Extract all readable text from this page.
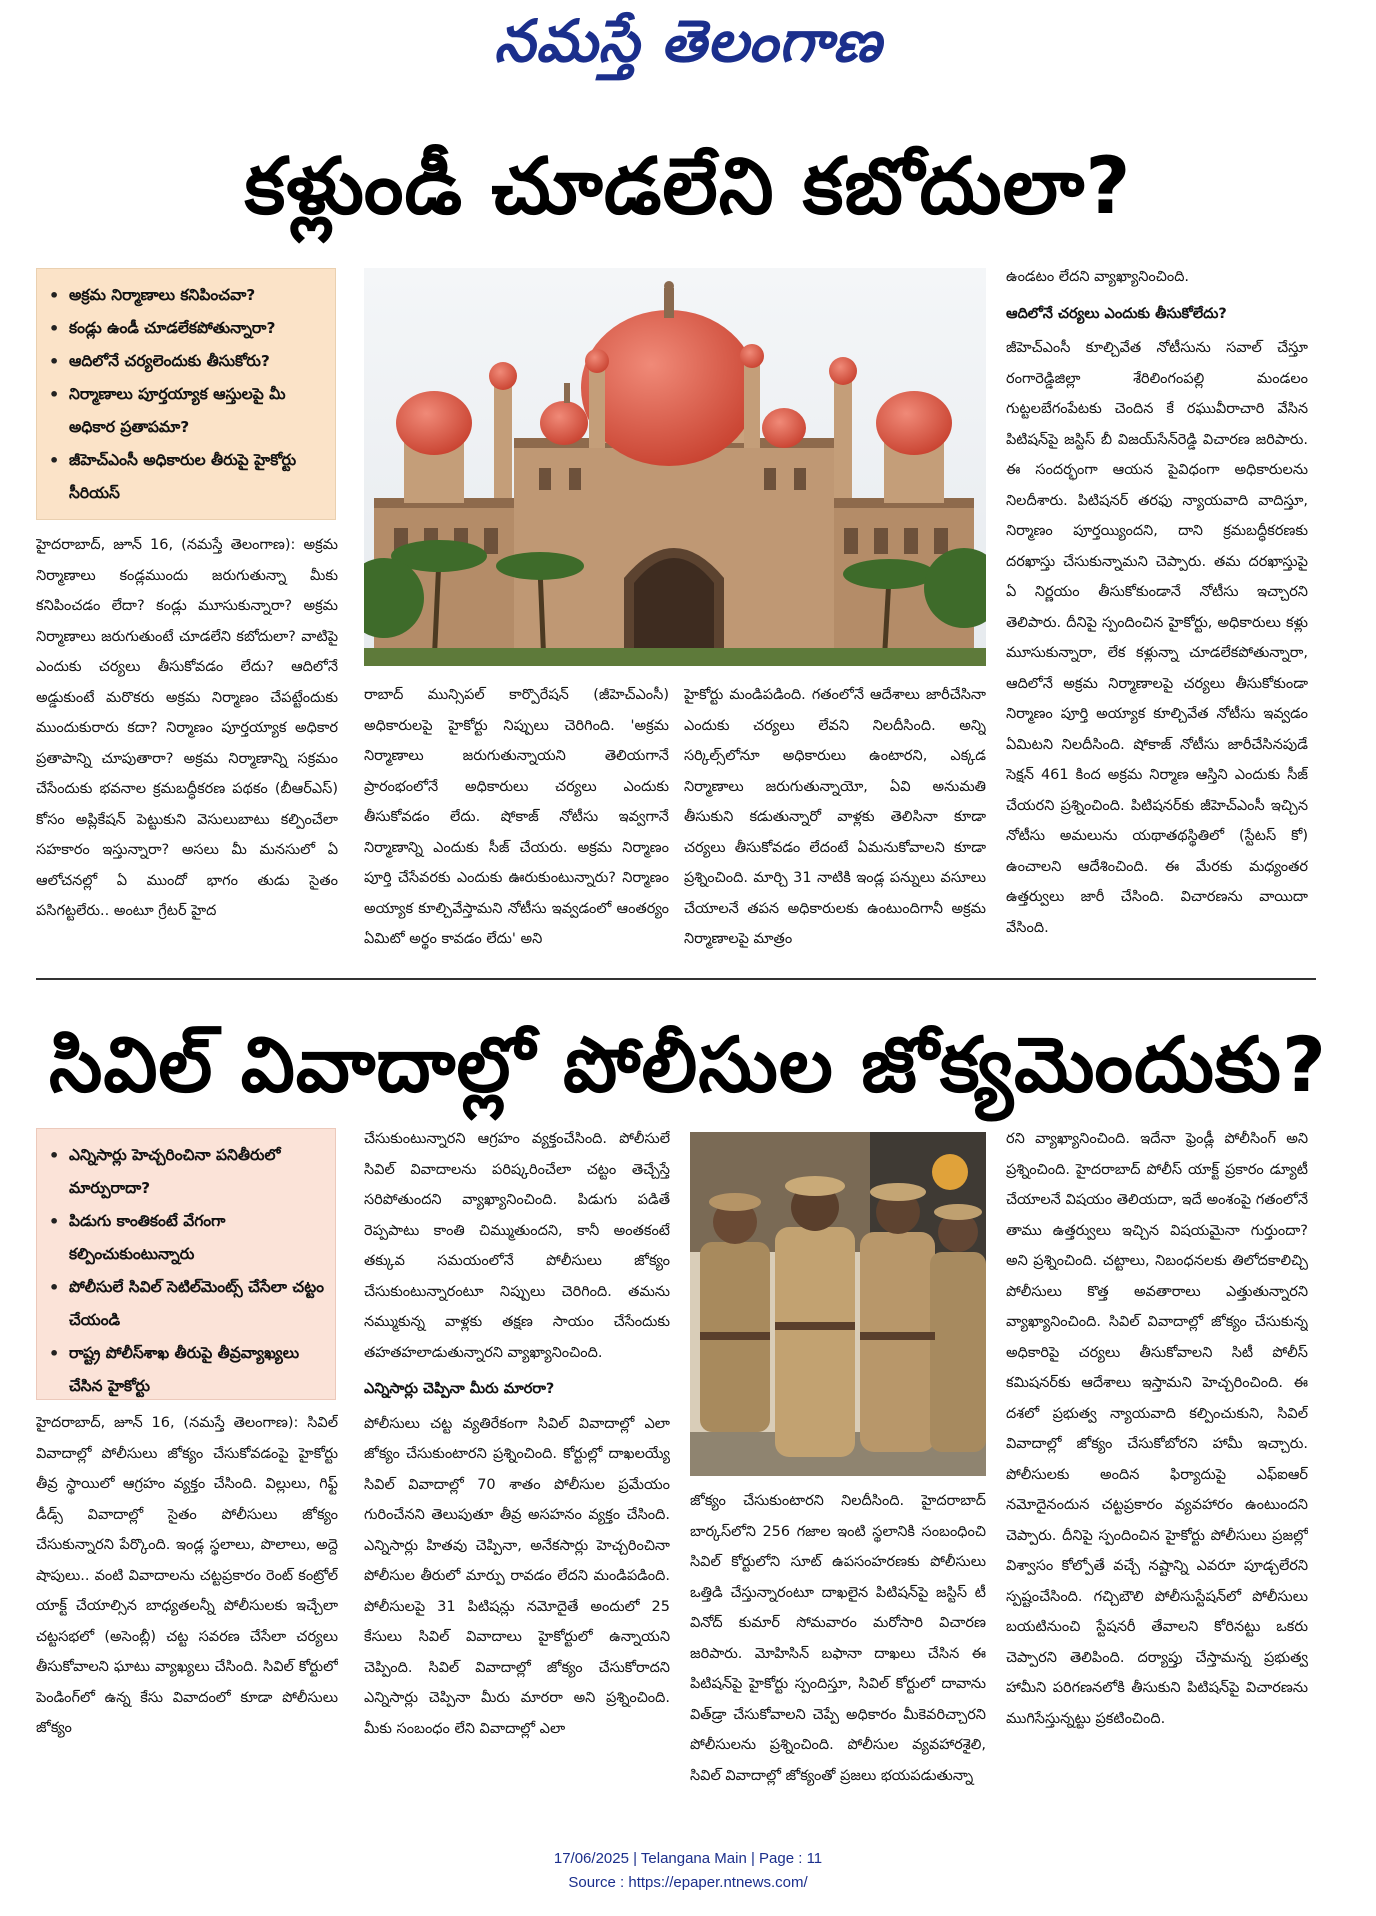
నమస్తే తెలంగాణ
కళ్లుండీ చూడలేని కబోదులా?
• అక్రమ నిర్మాణాలు కనిపించవా?
• కండ్లు ఉండీ చూడలేకపోతున్నారా?
• ఆదిలోనే చర్యలెందుకు తీసుకోరు?
• నిర్మాణాలు పూర్తయ్యాక ఆస్తులపై మీ అధికార ప్రతాపమా?
• జీహెచ్ఎంసీ అధికారుల తీరుపై హైకోర్టు సీరియస్

హైదరాబాద్, జూన్ 16, (నమస్తే తెలంగాణ): అక్రమ నిర్మాణాలు కండ్లముందు జరుగుతున్నా మీకు కనిపించడం లేదా? కండ్లు మూసుకున్నారా? అక్రమ నిర్మాణాలు జరుగుతుంటే చూడలేని కబోదులా? వాటిపై ఎందుకు చర్యలు తీసుకోవడం లేదు? ఆదిలోనే అడ్డుకుంటే మరొకరు అక్రమ నిర్మాణం చేపట్టేందుకు ముందుకురారు కదా? నిర్మాణం పూర్తయ్యాక అధికార ప్రతాపాన్ని చూపుతారా? అక్రమ నిర్మాణాన్ని సక్రమం చేసేందుకు భవనాల క్రమబద్ధీకరణ పథకం (బీఆర్ఎస్) కోసం అప్లికేషన్ పెట్టుకుని వెసులుబాటు కల్పించేలా సహకారం ఇస్తున్నారా? అసలు మీ మనసులో ఏ ఆలోచనల్లో ఏ ముందో భాగం తుడు సైతం పసిగట్టలేరు.. అంటూ గ్రేటర్ హైద

రాబాద్ మున్సిపల్ కార్పొరేషన్ (జీహెచ్ఎంసీ) అధికారులపై హైకోర్టు నిప్పులు చెరిగింది. 'అక్రమ నిర్మాణాలు జరుగుతున్నాయని తెలియగానే ప్రారంభంలోనే అధికారులు చర్యలు ఎందుకు తీసుకోవడం లేదు. షోకాజ్ నోటీసు ఇవ్వగానే నిర్మాణాన్ని ఎందుకు సీజ్ చేయరు. అక్రమ నిర్మాణం పూర్తి చేసేవరకు ఎందుకు ఊరుకుంటున్నారు? నిర్మాణం అయ్యాక కూల్చివేస్తామని నోటీసు ఇవ్వడంలో ఆంతర్యం ఏమిటో అర్థం కావడం లేదు' అని

హైకోర్టు మండిపడింది. గతంలోనే ఆదేశాలు జారీచేసినా ఎందుకు చర్యలు లేవని నిలదీసింది. అన్ని సర్కిల్స్‌లోనూ అధికారులు ఉంటారని, ఎక్కడ నిర్మాణాలు జరుగుతున్నాయో, ఏవి అనుమతి తీసుకుని కడుతున్నారో వాళ్లకు తెలిసినా కూడా చర్యలు తీసుకోవడం లేదంటే ఏమనుకోవాలని కూడా ప్రశ్నించింది. మార్చి 31 నాటికి ఇండ్ల పన్నులు వసూలు చేయాలనే తపన అధికారులకు ఉంటుందిగానీ అక్రమ నిర్మాణాలపై మాత్రం

ఉండటం లేదని వ్యాఖ్యానించింది.

ఆదిలోనే చర్యలు ఎందుకు తీసుకోలేదు?

జీహెచ్ఎంసీ కూల్చివేత నోటీసును సవాల్ చేస్తూ రంగారెడ్డిజిల్లా శేరిలింగంపల్లి మండలం గుట్టలబేగంపేటకు చెందిన కే రఘువీరాచారి వేసిన పిటిషన్‌పై జస్టిస్ బీ విజయ్‌సేన్‌రెడ్డి విచారణ జరిపారు. ఈ సందర్భంగా ఆయన పైవిధంగా అధికారులను నిలదీశారు. పిటిషనర్ తరఫు న్యాయవాది వాదిస్తూ, నిర్మాణం పూర్తయ్యిందని, దాని క్రమబద్ధీకరణకు దరఖాస్తు చేసుకున్నామని చెప్పారు. తమ దరఖాస్తుపై ఏ నిర్ణయం తీసుకోకుండానే నోటీసు ఇచ్చారని తెలిపారు. దీనిపై స్పందించిన హైకోర్టు, అధికారులు కళ్లు మూసుకున్నారా, లేక కళ్లున్నా చూడలేకపోతున్నారా, ఆదిలోనే అక్రమ నిర్మాణాలపై చర్యలు తీసుకోకుండా నిర్మాణం పూర్తి అయ్యాక కూల్చివేత నోటీసు ఇవ్వడం ఏమిటని నిలదీసింది. షోకాజ్ నోటీసు జారీచేసినపుడే సెక్షన్ 461 కింద అక్రమ నిర్మాణ ఆస్తిని ఎందుకు సీజ్ చేయరని ప్రశ్నించింది. పిటిషనర్‌కు జీహెచ్ఎంసీ ఇచ్చిన నోటీసు అమలును యథాతథస్థితిలో (స్టేటస్ కో) ఉంచాలని ఆదేశించింది. ఈ మేరకు మధ్యంతర ఉత్తర్వులు జారీ చేసింది. విచారణను వాయిదా వేసింది.

సివిల్ వివాదాల్లో పోలీసుల జోక్యమెందుకు?
• ఎన్నిసార్లు హెచ్చరించినా పనితీరులో మార్పురాదా?
• పిడుగు కాంతికంటే వేగంగా కల్పించుకుంటున్నారు
• పోలీసులే సివిల్ సెటిల్‌మెంట్స్ చేసేలా చట్టం చేయండి
• రాష్ట్ర పోలీస్‌శాఖ తీరుపై తీవ్రవ్యాఖ్యలు చేసిన హైకోర్టు

హైదరాబాద్, జూన్ 16, (నమస్తే తెలంగాణ): సివిల్ వివాదాల్లో పోలీసులు జోక్యం చేసుకోవడంపై హైకోర్టు తీవ్ర స్థాయిలో ఆగ్రహం వ్యక్తం చేసింది. విల్లులు, గిఫ్ట్ డీడ్స్ వివాదాల్లో సైతం పోలీసులు జోక్యం చేసుకున్నారని పేర్కొంది. ఇండ్ల స్థలాలు, పొలాలు, అద్దె షాపులు.. వంటి వివాదాలను చట్టప్రకారం రెంట్ కంట్రోల్ యాక్ట్ చేయాల్సిన బాధ్యతలన్నీ పోలీసులకు ఇచ్చేలా చట్టసభలో (అసెంబ్లీ) చట్ట సవరణ చేసేలా చర్యలు తీసుకోవాలని ఘాటు వ్యాఖ్యలు చేసింది. సివిల్ కోర్టులో పెండింగ్‌లో ఉన్న కేసు వివాదంలో కూడా పోలీసులు జోక్యం

చేసుకుంటున్నారని ఆగ్రహం వ్యక్తంచేసింది. పోలీసులే సివిల్ వివాదాలను పరిష్కరించేలా చట్టం తెచ్చేస్తే సరిపోతుందని వ్యాఖ్యానించింది. పిడుగు పడితే రెప్పపాటు కాంతి చిమ్ముతుందని, కానీ అంతకంటే తక్కువ సమయంలోనే పోలీసులు జోక్యం చేసుకుంటున్నారంటూ నిప్పులు చెరిగింది. తమను నమ్ముకున్న వాళ్లకు తక్షణ సాయం చేసేందుకు తహతహలాడుతున్నారని వ్యాఖ్యానించింది.

ఎన్నిసార్లు చెప్పినా మీరు మారరా?

పోలీసులు చట్ట వ్యతిరేకంగా సివిల్ వివాదాల్లో ఎలా జోక్యం చేసుకుంటారని ప్రశ్నించింది. కోర్టుల్లో దాఖలయ్యే సివిల్ వివాదాల్లో 70 శాతం పోలీసుల ప్రమేయం గురించేనని తెలుపుతూ తీవ్ర అసహనం వ్యక్తం చేసింది. ఎన్నిసార్లు హితవు చెప్పినా, అనేకసార్లు హెచ్చరించినా పోలీసుల తీరులో మార్పు రావడం లేదని మండిపడింది. పోలీసులపై 31 పిటిషన్లు నమోదైతే అందులో 25 కేసులు సివిల్ వివాదాలు హైకోర్టులో ఉన్నాయని చెప్పింది. సివిల్ వివాదాల్లో జోక్యం చేసుకోరాదని ఎన్నిసార్లు చెప్పినా మీరు మారరా అని ప్రశ్నించింది. మీకు సంబంధం లేని వివాదాల్లో ఎలా

జోక్యం చేసుకుంటారని నిలదీసింది. హైదరాబాద్ బార్కస్‌లోని 256 గజాల ఇంటి స్థలానికి సంబంధించి సివిల్ కోర్టులోని సూట్ ఉపసంహరణకు పోలీసులు ఒత్తిడి చేస్తున్నారంటూ దాఖలైన పిటిషన్‌పై జస్టిస్ టీ వినోద్ కుమార్ సోమవారం మరోసారి విచారణ జరిపారు. మోహిసిన్ బఫానా దాఖలు చేసిన ఈ పిటిషన్‌పై హైకోర్టు స్పందిస్తూ, సివిల్ కోర్టులో దావాను విత్‌డ్రా చేసుకోవాలని చెప్పే అధికారం మీకెవరిచ్చారని పోలీసులను ప్రశ్నించింది. పోలీసుల వ్యవహారశైలి, సివిల్ వివాదాల్లో జోక్యంతో ప్రజలు భయపడుతున్నా

రని వ్యాఖ్యానించింది. ఇదేనా ఫ్రెండ్లీ పోలీసింగ్ అని ప్రశ్నించింది. హైదరాబాద్ పోలీస్ యాక్ట్ ప్రకారం డ్యూటీ చేయాలనే విషయం తెలియదా, ఇదే అంశంపై గతంలోనే తాము ఉత్తర్వులు ఇచ్చిన విషయమైనా గుర్తుందా? అని ప్రశ్నించింది. చట్టాలు, నిబంధనలకు తిలోదకాలిచ్చి పోలీసులు కొత్త అవతారాలు ఎత్తుతున్నారని వ్యాఖ్యానించింది. సివిల్ వివాదాల్లో జోక్యం చేసుకున్న అధికారిపై చర్యలు తీసుకోవాలని సిటీ పోలీస్ కమిషనర్‌కు ఆదేశాలు ఇస్తామని హెచ్చరించింది. ఈ దశలో ప్రభుత్వ న్యాయవాది కల్పించుకుని, సివిల్ వివాదాల్లో జోక్యం చేసుకోబోరని హామీ ఇచ్చారు. పోలీసులకు అందిన ఫిర్యాదుపై ఎఫ్ఐఆర్ నమోదైనందున చట్టప్రకారం వ్యవహారం ఉంటుందని చెప్పారు. దీనిపై స్పందించిన హైకోర్టు పోలీసులు ప్రజల్లో విశ్వాసం కోల్పోతే వచ్చే నష్టాన్ని ఎవరూ పూడ్చలేరని స్పష్టంచేసింది. గచ్చిబౌలి పోలీసుస్టేషన్‌లో పోలీసులు బయటినుంచి స్టేషనరీ తేవాలని కోరినట్టు ఒకరు చెప్పారని తెలిపింది. దర్యాప్తు చేస్తామన్న ప్రభుత్వ హామీని పరిగణనలోకి తీసుకుని పిటిషన్‌పై విచారణను ముగిసేస్తున్నట్టు ప్రకటించింది.

17/06/2025 | Telangana Main | Page : 11
Source : https://epaper.ntnews.com/
